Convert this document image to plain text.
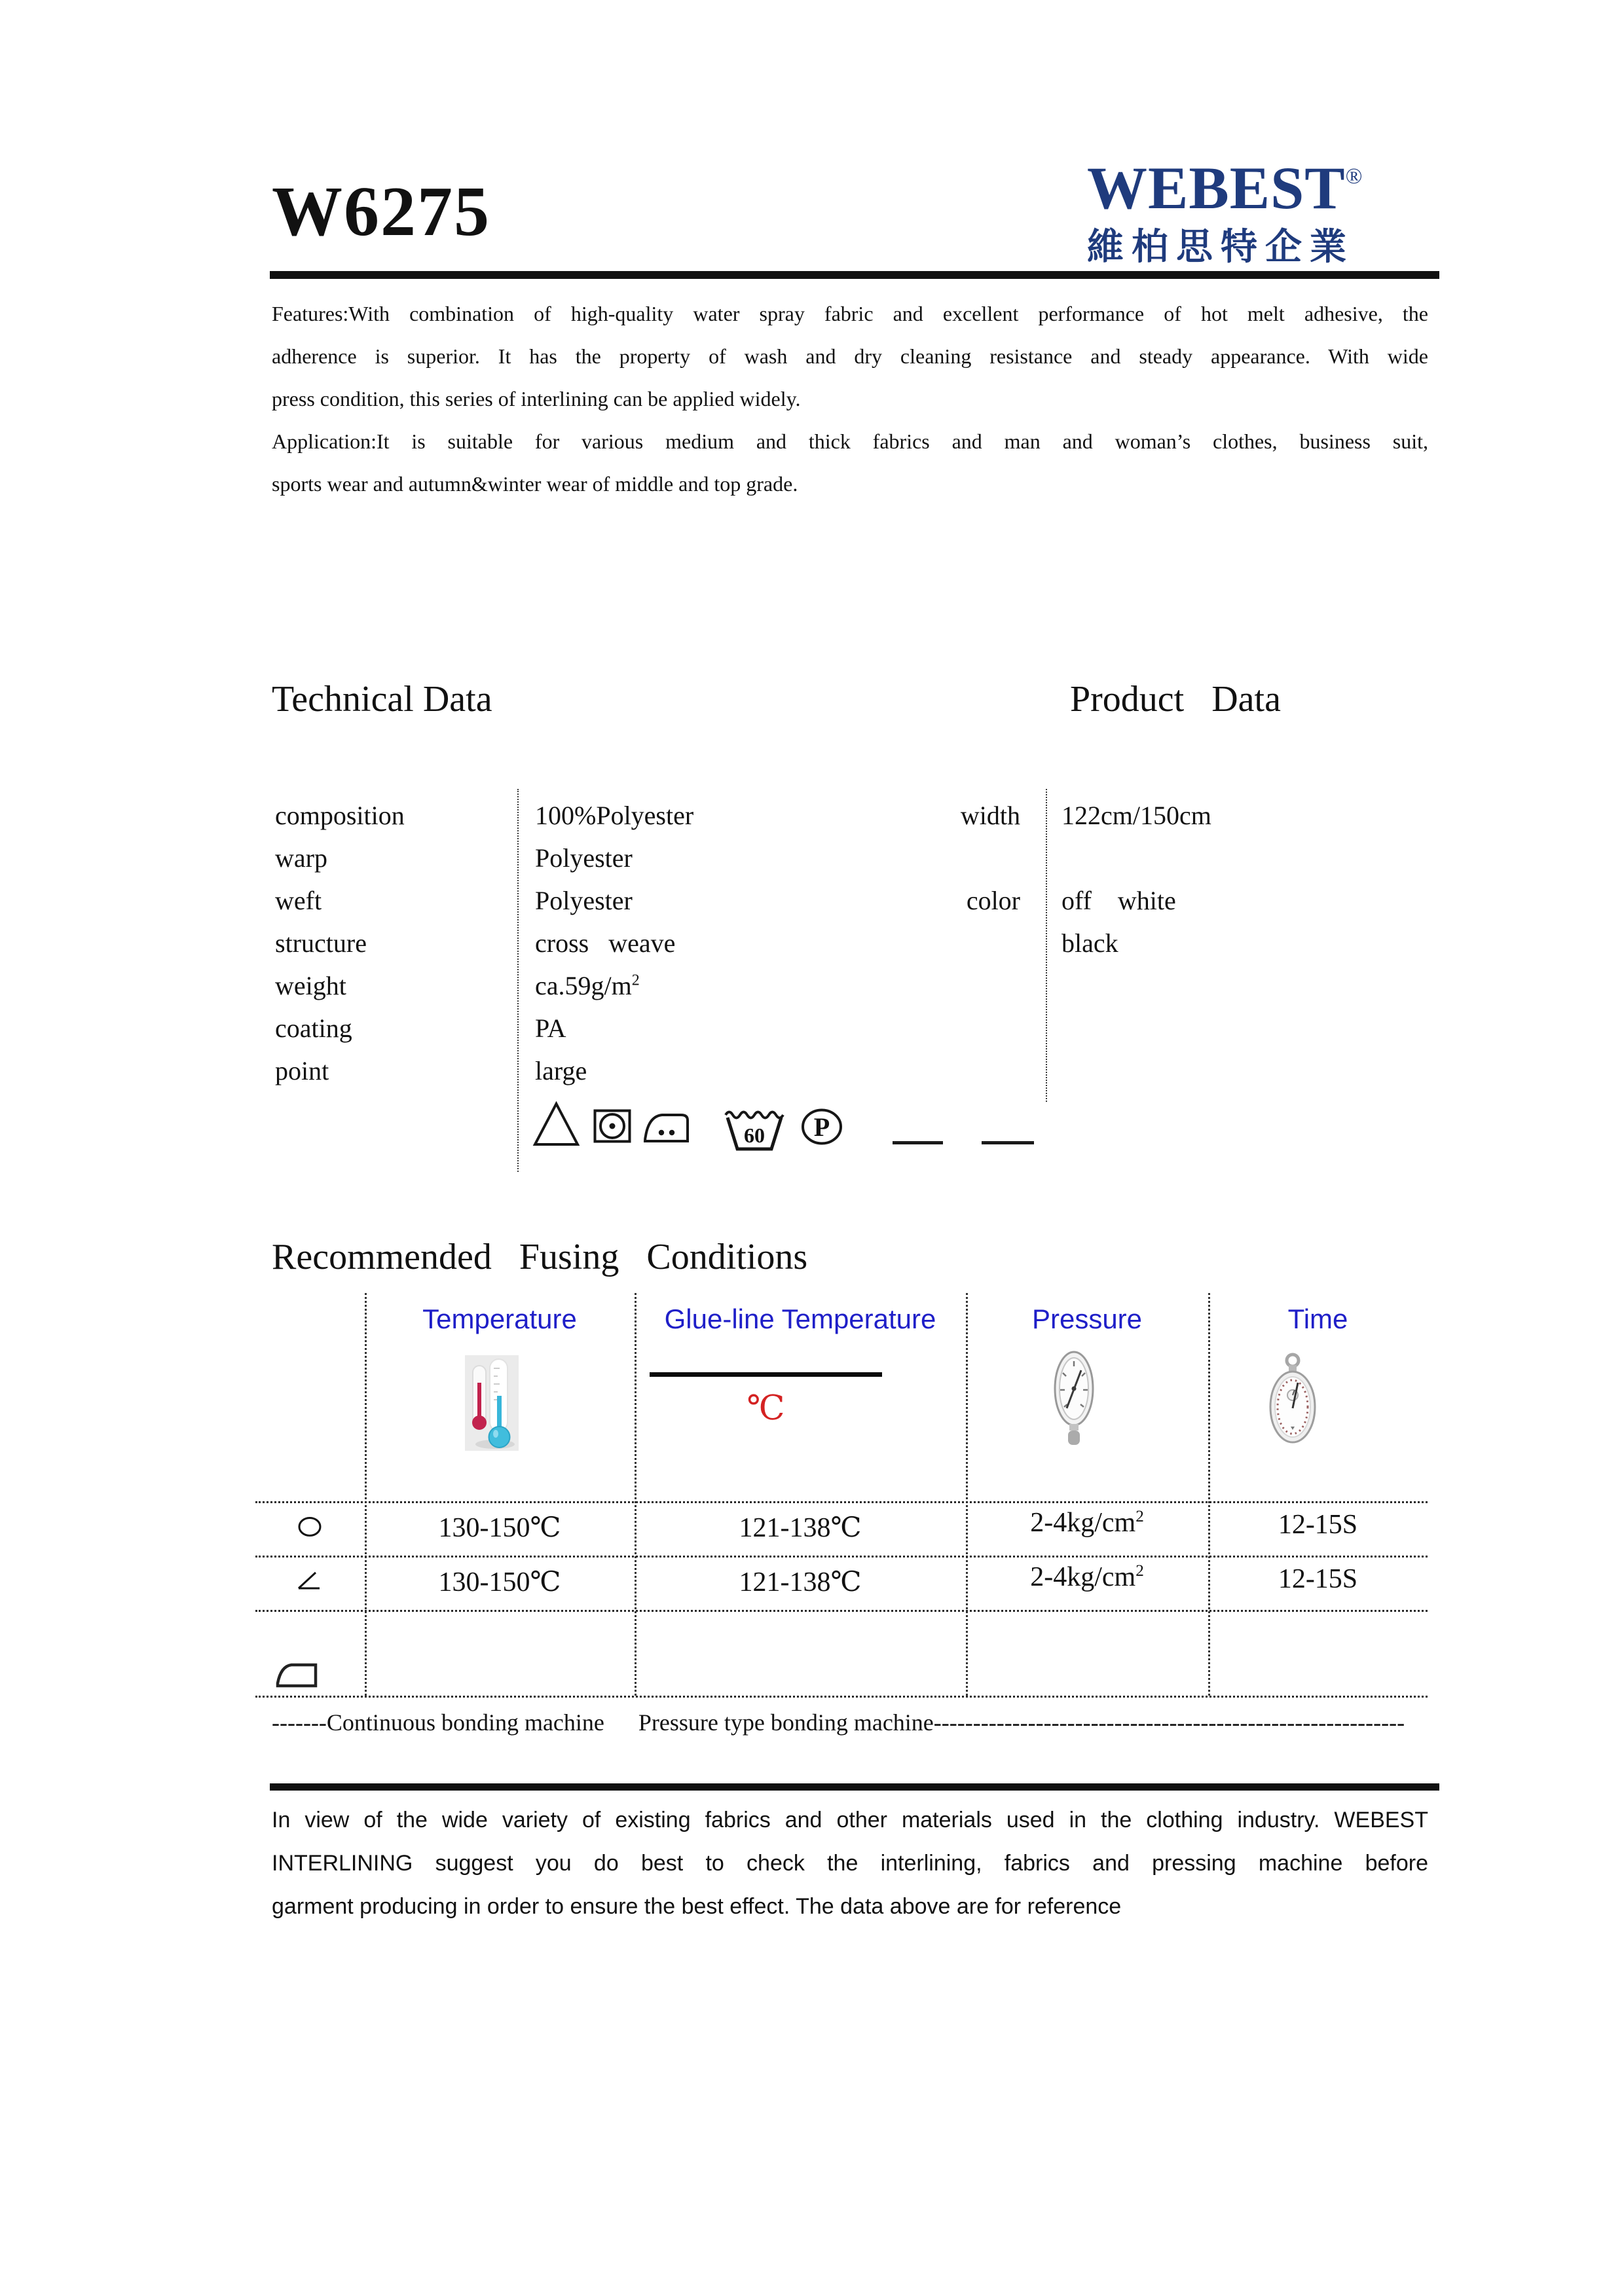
W6275	WEBEST®
維柏思特企業
Features:With combination of high-quality water spray fabric and excellent performance of hot melt adhesive, the
adherence is superior. It has the property of wash and dry cleaning resistance and steady appearance. With wide
press condition, this series of interlining can be applied widely.
Application:It is suitable for various medium and thick fabrics and man and woman’s clothes, business suit,
sports wear and autumn&winter wear of middle and top grade.
Technical Data	Product   Data
composition	100%Polyester
warp	Polyester
weft	Polyester
structure	cross   weave
weight	$ca.59g/m^2$
coating	PA
point	large
width 122cm/150cm
color off    white
black
60 P
Recommended   Fusing   Conditions
Temperature	Glue-line Temperature	Pressure	Time
℃
130-150℃	121-138℃	$2-4kg/cm^2$	12-15S
130-150℃	121-138℃	$2-4kg/cm^2$	12-15S
-------Continuous bonding machine Pressure type bonding machine------------------------------------------------------------
In view of the wide variety of existing fabrics and other materials used in the clothing industry. WEBEST
INTERLINING suggest you do best to check the interlining, fabrics and pressing machine before
garment producing in order to ensure the best effect. The data above are for reference
